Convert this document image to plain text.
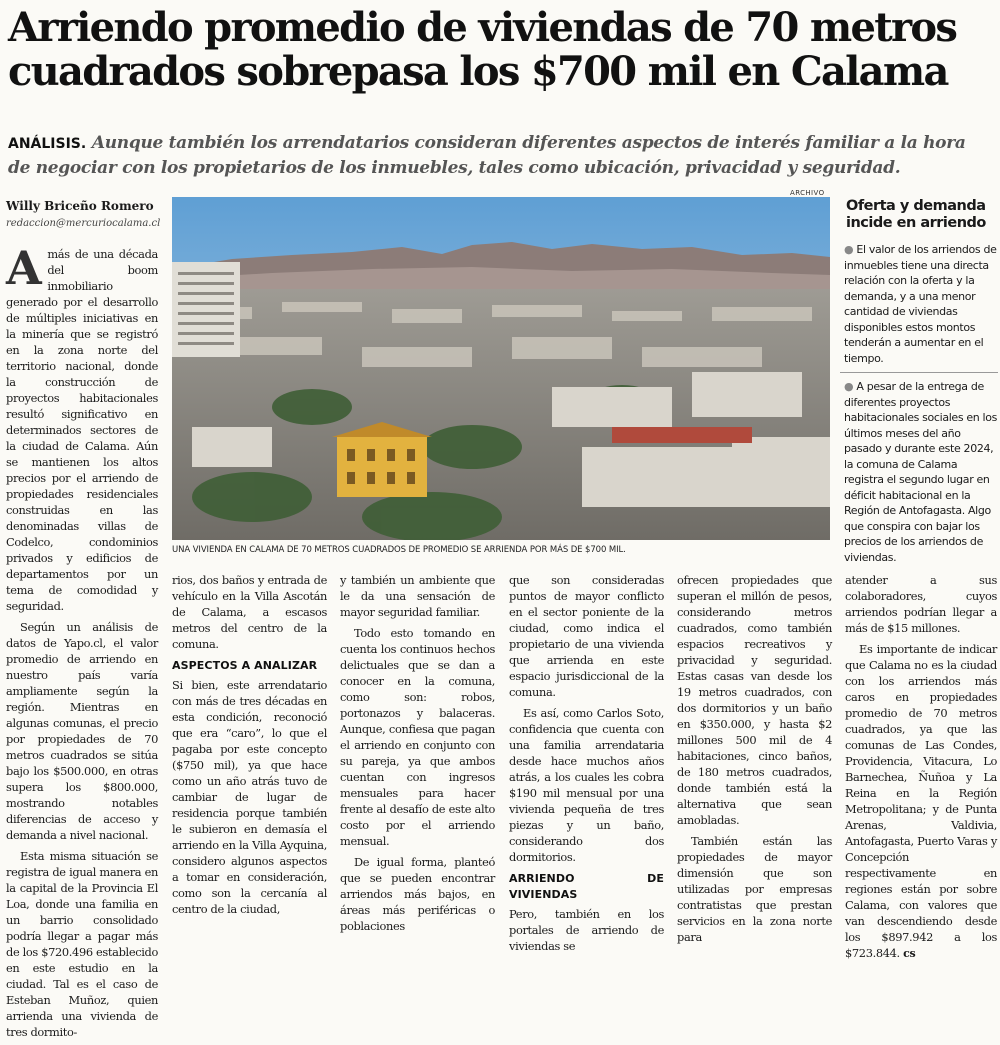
Arriendo promedio de viviendas de 70 metros
cuadrados sobrepasa los $700 mil en Calama
ANÁLISIS. Aunque también los arrendatarios consideran diferentes aspectos de interés familiar a la hora de negociar con los propietarios de los inmuebles, tales como ubicación, privacidad y seguridad.
Willy Briceño Romero
redaccion@mercuriocalama.cl
ARCHIVO
UNA VIVIENDA EN CALAMA DE 70 METROS CUADRADOS DE PROMEDIO SE ARRIENDA POR MÁS DE $700 MIL.

Amás de una década del boom inmobiliario generado por el desarrollo de múltiples iniciativas en la minería que se registró en la zona norte del territorio nacional, donde la construcción de proyectos habitacionales resultó significativo en determinados sectores de la ciudad de Calama. Aún se mantienen los altos precios por el arriendo de propiedades residenciales construidas en las denominadas villas de Codelco, condominios privados y edificios de departamentos por un tema de comodidad y seguridad.

Según un análisis de datos de Yapo.cl, el valor promedio de arriendo en nuestro país varía ampliamente según la región. Mientras en algunas comunas, el precio por propiedades de 70 metros cuadrados se sitúa bajo los $500.000, en otras supera los $800.000, mostrando notables diferencias de acceso y demanda a nivel nacional.

Esta misma situación se registra de igual manera en la capital de la Provincia El Loa, donde una familia en un barrio consolidado podría llegar a pagar más de los $720.496 establecido en este estudio en la ciudad. Tal es el caso de Esteban Muñoz, quien arrienda una vivienda de tres dormito-

rios, dos baños y entrada de vehículo en la Villa Ascotán de Calama, a escasos metros del centro de la comuna.

ASPECTOS A ANALIZAR

Si bien, este arrendatario con más de tres décadas en esta condición, reconoció que era “caro”, lo que el pagaba por este concepto ($750 mil), ya que hace como un año atrás tuvo de cambiar de lugar de residencia porque también le subieron en demasía el arriendo en la Villa Ayquina, considero algunos aspectos a tomar en consideración, como son la cercanía al centro de la ciudad,

y también un ambiente que le da una sensación de mayor seguridad familiar.

Todo esto tomando en cuenta los continuos hechos delictuales que se dan a conocer en la comuna, como son: robos, portonazos y balaceras. Aunque, confiesa que pagan el arriendo en conjunto con su pareja, ya que ambos cuentan con ingresos mensuales para hacer frente al desafío de este alto costo por el arriendo mensual.

De igual forma, planteó que se pueden encontrar arriendos más bajos, en áreas más periféricas o poblaciones

que son consideradas puntos de mayor conflicto en el sector poniente de la ciudad, como indica el propietario de una vivienda que arrienda en este espacio jurisdiccional de la comuna.

Es así, como Carlos Soto, confidencia que cuenta con una familia arrendataria desde hace muchos años atrás, a los cuales les cobra $190 mil mensual por una vivienda pequeña de tres piezas y un baño, considerando dos dormitorios.

ARRIENDO DE VIVIENDAS

Pero, también en los portales de arriendo de viviendas se

ofrecen propiedades que superan el millón de pesos, considerando metros cuadrados, como también espacios recreativos y privacidad y seguridad. Estas casas van desde los 19 metros cuadrados, con dos dormitorios y un baño en $350.000, y hasta $2 millones 500 mil de 4 habitaciones, cinco baños, de 180 metros cuadrados, donde también está la alternativa que sean amobladas.

También están las propiedades de mayor dimensión que son utilizadas por empresas contratistas que prestan servicios en la zona norte para

atender a sus colaboradores, cuyos arriendos podrían llegar a más de $15 millones.

Es importante de indicar que Calama no es la ciudad con los arriendos más caros en propiedades promedio de 70 metros cuadrados, ya que las comunas de Las Condes, Providencia, Vitacura, Lo Barnechea, Ñuñoa y La Reina en la Región Metropolitana; y de Punta Arenas, Valdivia, Antofagasta, Puerto Varas y Concepción respectivamente en regiones están por sobre Calama, con valores que van descendiendo desde los $897.942 a los $723.844. cs

Oferta y demanda incide en arriendo
● El valor de los arriendos de inmuebles tiene una directa relación con la oferta y la demanda, y a una menor cantidad de viviendas disponibles estos montos tenderán a aumentar en el tiempo.
● A pesar de la entrega de diferentes proyectos habitacionales sociales en los últimos meses del año pasado y durante este 2024, la comuna de Calama registra el segundo lugar en déficit habitacional en la Región de Antofagasta. Algo que conspira con bajar los precios de los arriendos de viviendas.
